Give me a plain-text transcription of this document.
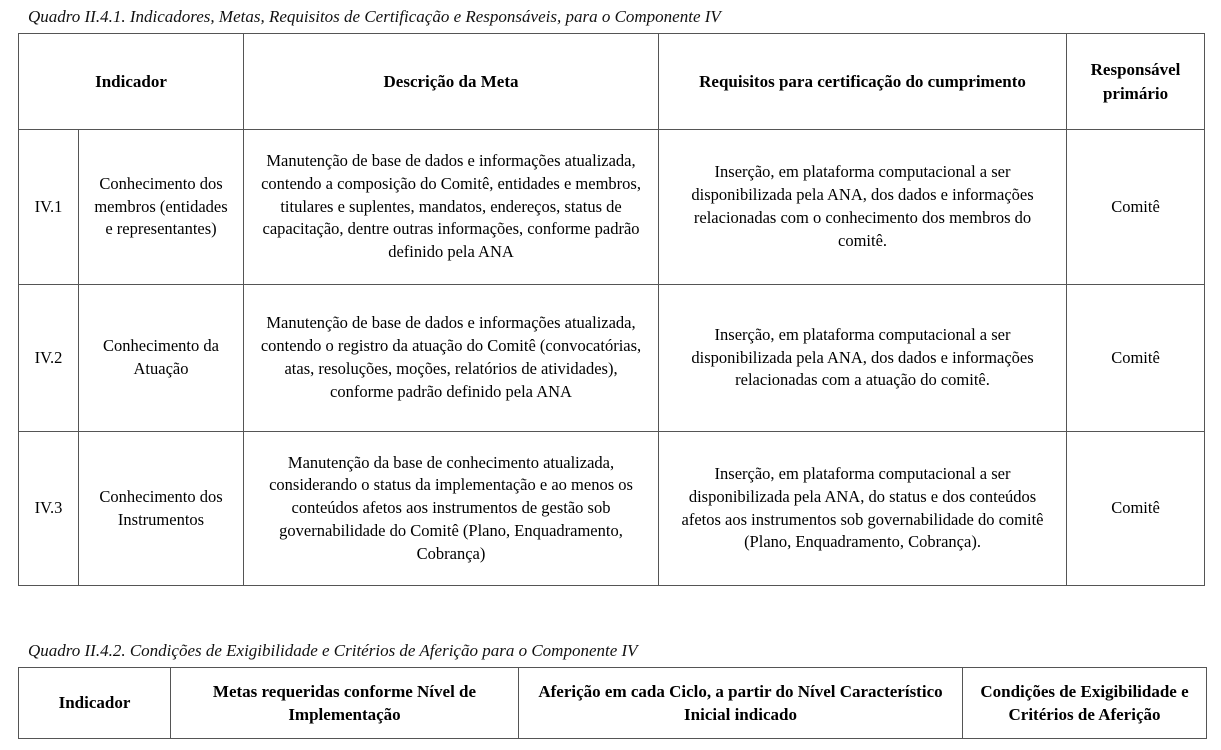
Quadro II.4.1. Indicadores, Metas, Requisitos de Certificação e Responsáveis, para o Componente IV
Indicador		Descrição da Meta	Requisitos para certificação do cumprimento	Responsável primário
IV.1	Conhecimento dos membros (entidades e representantes)	Manutenção de base de dados e informações atualizada, contendo a composição do Comitê, entidades e membros, titulares e suplentes, mandatos, endereços, status de capacitação, dentre outras informações, conforme padrão definido pela ANA	Inserção, em plataforma computacional a ser disponibilizada pela ANA, dos dados e informações relacionadas com o conhecimento dos membros do comitê.	Comitê
IV.2	Conhecimento da Atuação	Manutenção de base de dados e informações atualizada, contendo o registro da atuação do Comitê (convocatórias, atas, resoluções, moções, relatórios de atividades), conforme padrão definido pela ANA	Inserção, em plataforma computacional a ser disponibilizada pela ANA, dos dados e informações relacionadas com a atuação do comitê.	Comitê
IV.3	Conhecimento dos Instrumentos	Manutenção da base de conhecimento atualizada, considerando o status da implementação e ao menos os conteúdos afetos aos instrumentos de gestão sob governabilidade do Comitê (Plano, Enquadramento, Cobrança)	Inserção, em plataforma computacional a ser disponibilizada pela ANA, do status e dos conteúdos afetos aos instrumentos sob governabilidade do comitê (Plano, Enquadramento, Cobrança).	Comitê
Quadro II.4.2. Condições de Exigibilidade e Critérios de Aferição para o Componente IV
Indicador	Metas requeridas conforme Nível de Implementação	Aferição em cada Ciclo, a partir do Nível Característico Inicial indicado	Condições de Exigibilidade e Critérios de Aferição
